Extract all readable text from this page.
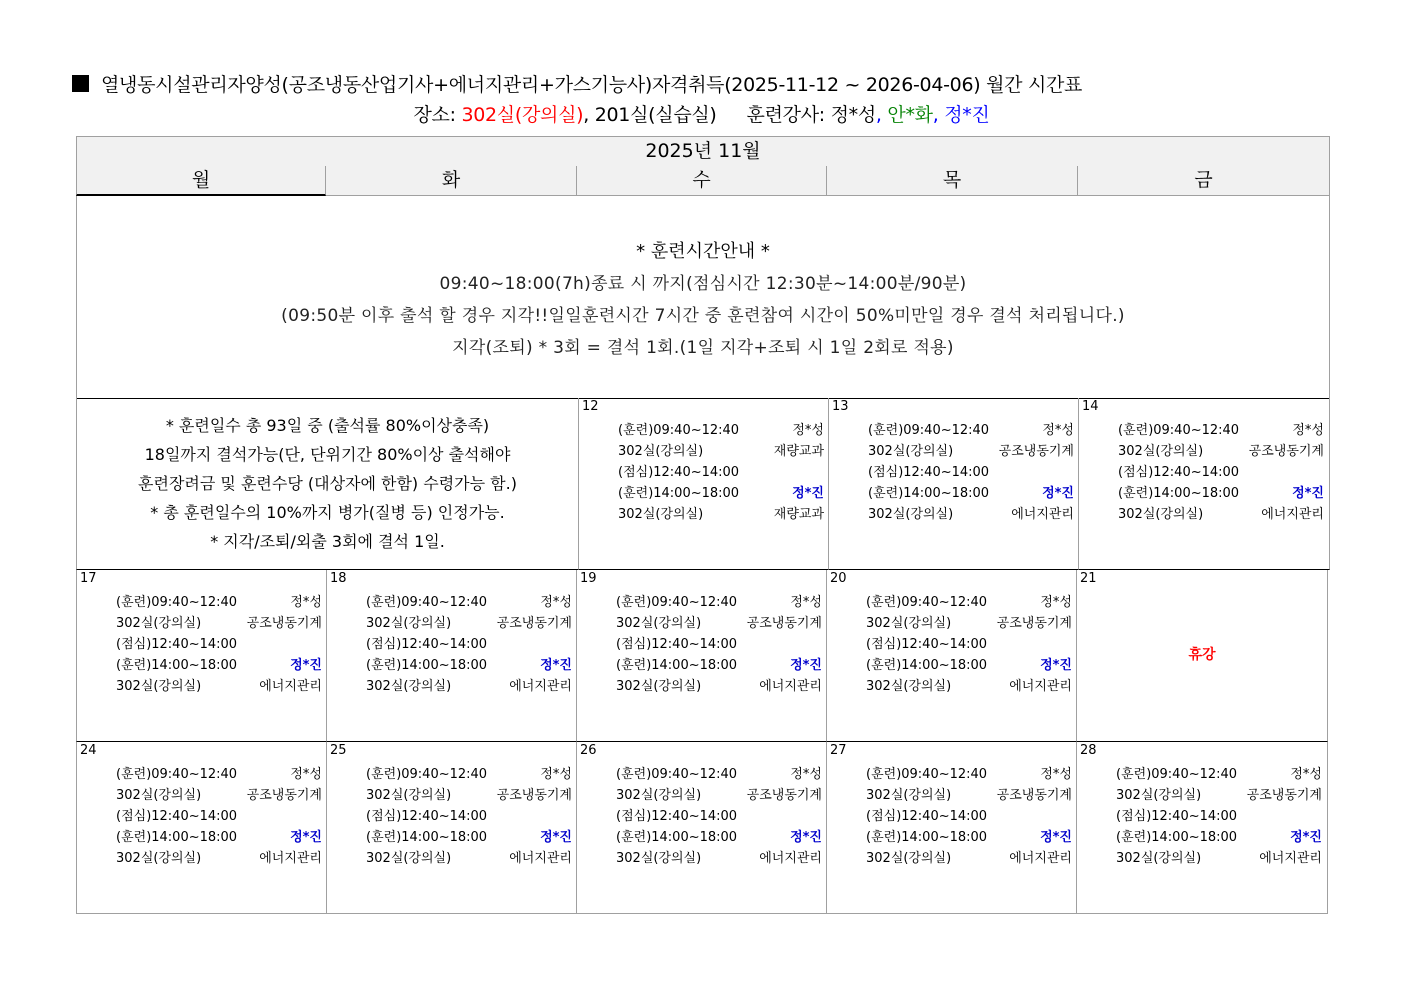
열냉동시설관리자양성(공조냉동산업기사+에너지관리+가스기능사)자격취득(2025-11-12 ~ 2026-04-06) 월간 시간표
장소: 302실(강의실), 201실(실습실) 훈련강사: 정*성, 안*화, 정*진
2025년 11월
월	화	수	목	금
* 훈련시간안내 *
09:40~18:00(7h)종료 시 까지(점심시간 12:30분~14:00분/90분)
(09:50분 이후 출석 할 경우 지각!!일일훈련시간 7시간 중 훈련참여 시간이 50%미만일 경우 결석 처리됩니다.)
지각(조퇴) * 3회 = 결석 1회.(1일 지각+조퇴 시 1일 2회로 적용)
* 훈련일수 총 93일 중 (출석률 80%이상충족)
18일까지 결석가능(단, 단위기간 80%이상 출석해야
훈련장려금 및 훈련수당 (대상자에 한함) 수령가능 함.)
* 총 훈련일수의 10%까지 병가(질병 등) 인정가능.
* 지각/조퇴/외출 3회에 결석 1일.
12
(훈련)09:40~12:40	정*성
302실(강의실)	재량교과
(점심)12:40~14:00
(훈련)14:00~18:00	정*진
302실(강의실)	재량교과
13
(훈련)09:40~12:40	정*성
302실(강의실)	공조냉동기계
(점심)12:40~14:00
(훈련)14:00~18:00	정*진
302실(강의실)	에너지관리
14
(훈련)09:40~12:40	정*성
302실(강의실)	공조냉동기계
(점심)12:40~14:00
(훈련)14:00~18:00	정*진
302실(강의실)	에너지관리
17
(훈련)09:40~12:40	정*성
302실(강의실)	공조냉동기계
(점심)12:40~14:00
(훈련)14:00~18:00	정*진
302실(강의실)	에너지관리
18
(훈련)09:40~12:40	정*성
302실(강의실)	공조냉동기계
(점심)12:40~14:00
(훈련)14:00~18:00	정*진
302실(강의실)	에너지관리
19
(훈련)09:40~12:40	정*성
302실(강의실)	공조냉동기계
(점심)12:40~14:00
(훈련)14:00~18:00	정*진
302실(강의실)	에너지관리
20
(훈련)09:40~12:40	정*성
302실(강의실)	공조냉동기계
(점심)12:40~14:00
(훈련)14:00~18:00	정*진
302실(강의실)	에너지관리
21
휴강
24
(훈련)09:40~12:40	정*성
302실(강의실)	공조냉동기계
(점심)12:40~14:00
(훈련)14:00~18:00	정*진
302실(강의실)	에너지관리
25
(훈련)09:40~12:40	정*성
302실(강의실)	공조냉동기계
(점심)12:40~14:00
(훈련)14:00~18:00	정*진
302실(강의실)	에너지관리
26
(훈련)09:40~12:40	정*성
302실(강의실)	공조냉동기계
(점심)12:40~14:00
(훈련)14:00~18:00	정*진
302실(강의실)	에너지관리
27
(훈련)09:40~12:40	정*성
302실(강의실)	공조냉동기계
(점심)12:40~14:00
(훈련)14:00~18:00	정*진
302실(강의실)	에너지관리
28
(훈련)09:40~12:40	정*성
302실(강의실)	공조냉동기계
(점심)12:40~14:00
(훈련)14:00~18:00	정*진
302실(강의실)	에너지관리
